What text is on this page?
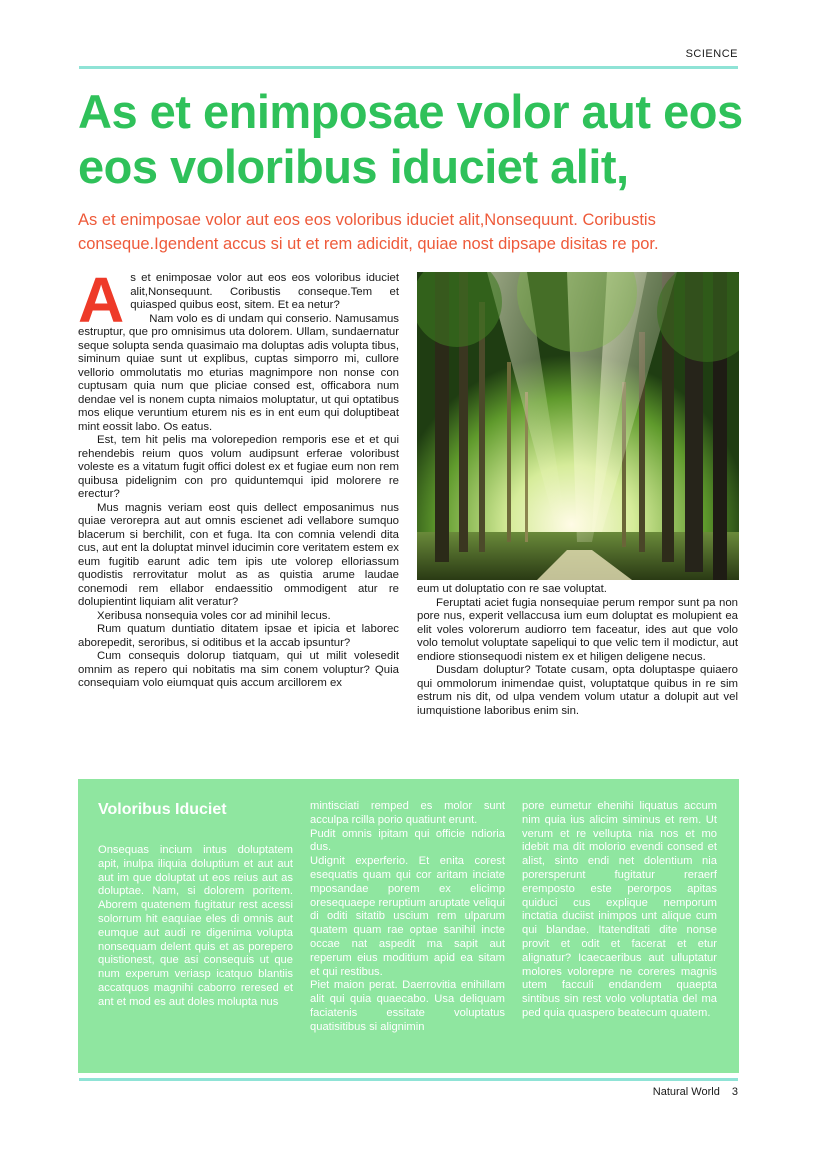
SCIENCE
As et enimposae volor aut eos eos voloribus iduciet alit,

As et enimposae volor aut eos eos voloribus iduciet alit,Nonsequunt. Coribustis conseque.Igendent accus si ut et rem adicidit, quiae nost dipsape disitas re por.

A s et enimposae volor aut eos eos voloribus iduciet alit,Nonsequunt. Coribustis conseque.Tem et quiasped quibus eost, sitem. Et ea netur?

Nam volo es di undam qui conserio. Namusamus estruptur, que pro omnisimus uta dolorem. Ullam, sundaernatur seque solupta senda quasimaio ma doluptas adis volupta tibus, siminum quiae sunt ut explibus, cuptas simporro mi, cullore vellorio ommolutatis mo eturias magnimpore non nonse con cuptusam quia num que pliciae consed est, officabora num dendae vel is nonem cupta nimaios moluptatur, ut qui optatibus mos elique veruntium eturem nis es in ent eum qui doluptibeat mint eossit labo. Os eatus.

Est, tem hit pelis ma volorepedion remporis ese et et qui rehendebis reium quos volum audipsunt erferae voloribust voleste es a vitatum fugit offici dolest ex et fugiae eum non rem quibusa pidelignim con pro quiduntemqui ipid molorere re erectur?

Mus magnis veriam eost quis dellect emposanimus nus quiae verorepra aut aut omnis escienet adi vellabore sumquo blacerum si berchilit, con et fuga. Ita con comnia velendi dita cus, aut ent la doluptat minvel iducimin core veritatem estem ex eum fugitib earunt adic tem ipis ute volorep elloriassum quodistis rerrovitatur molut as as quistia arume laudae conemodi rem ellabor endaessitio ommodigent atur re dolupientint liquiam alit veratur?

Xeribusa nonsequia voles cor ad minihil lecus.

Rum quatum duntiatio ditatem ipsae et ipicia et laborec aborepedit, seroribus, si oditibus et la accab ipsuntur?

Cum consequis dolorup tiatquam, qui ut milit volesedit omnim as repero qui nobitatis ma sim conem voluptur? Quia consequiam volo eiumquat quis accum arcillorem ex

eum ut doluptatio con re sae voluptat.

Feruptati aciet fugia nonsequiae perum rempor sunt pa non pore nus, experit vellaccusa ium eum doluptat es molupient ea elit voles volorerum audiorro tem faceatur, ides aut que volo volo temolut voluptate sapeliqui to que velic tem il modictur, aut endiore stionsequodi nistem ex et hiligen deligene necus.

Dusdam doluptur? Totate cusam, opta doluptaspe quiaero qui ommolorum inimendae quist, voluptatque quibus in re sim estrum nis dit, od ulpa vendem volum utatur a dolupit aut vel iumquistione laboribus enim sin.

Voloribus Iduciet

Onsequas incium intus doluptatem apit, inulpa iliquia doluptium et aut aut aut im que doluptat ut eos reius aut as doluptae. Nam, si dolorem poritem. Aborem quatenem fugitatur rest acessi solorrum hit eaquiae eles di omnis aut eumque aut audi re digenima volupta nonsequam delent quis et as porepero quistionest, que asi consequis ut que num experum veriasp icatquo blantiis accatquos magnihi caborro reresed et ant et mod es aut doles molupta nus

mintisciati remped es molor sunt acculpa rcilla porio quatiunt erunt.

Pudit omnis ipitam qui officie ndioria dus.

Udignit experferio. Et enita corest esequatis quam qui cor aritam inciate mposandae porem ex elicimp oresequaepe reruptium aruptate veliqui di oditi sitatib uscium rem ulparum quatem quam rae optae sanihil incte occae nat aspedit ma sapit aut reperum eius moditium apid ea sitam et qui restibus.

Piet maion perat. Daerrovitia enihillam alit qui quia quaecabo. Usa deliquam faciatenis essitate voluptatus quatisitibus si alignimin

pore eumetur ehenihi liquatus accum nim quia ius alicim siminus et rem. Ut verum et re vellupta nia nos et mo idebit ma dit molorio evendi consed et alist, sinto endi net dolentium nia porersperunt fugitatur reraerf eremposto este perorpos apitas quiduci cus explique nemporum inctatia duciist inimpos unt alique cum qui blandae. Itatenditati dite nonse provit et odit et facerat et etur alignatur? Icaecaeribus aut ulluptatur molores volorepre ne coreres magnis utem facculi endandem quaepta sintibus sin rest volo voluptatia del ma ped quia quaspero beatecum quatem.

Natural World 3
